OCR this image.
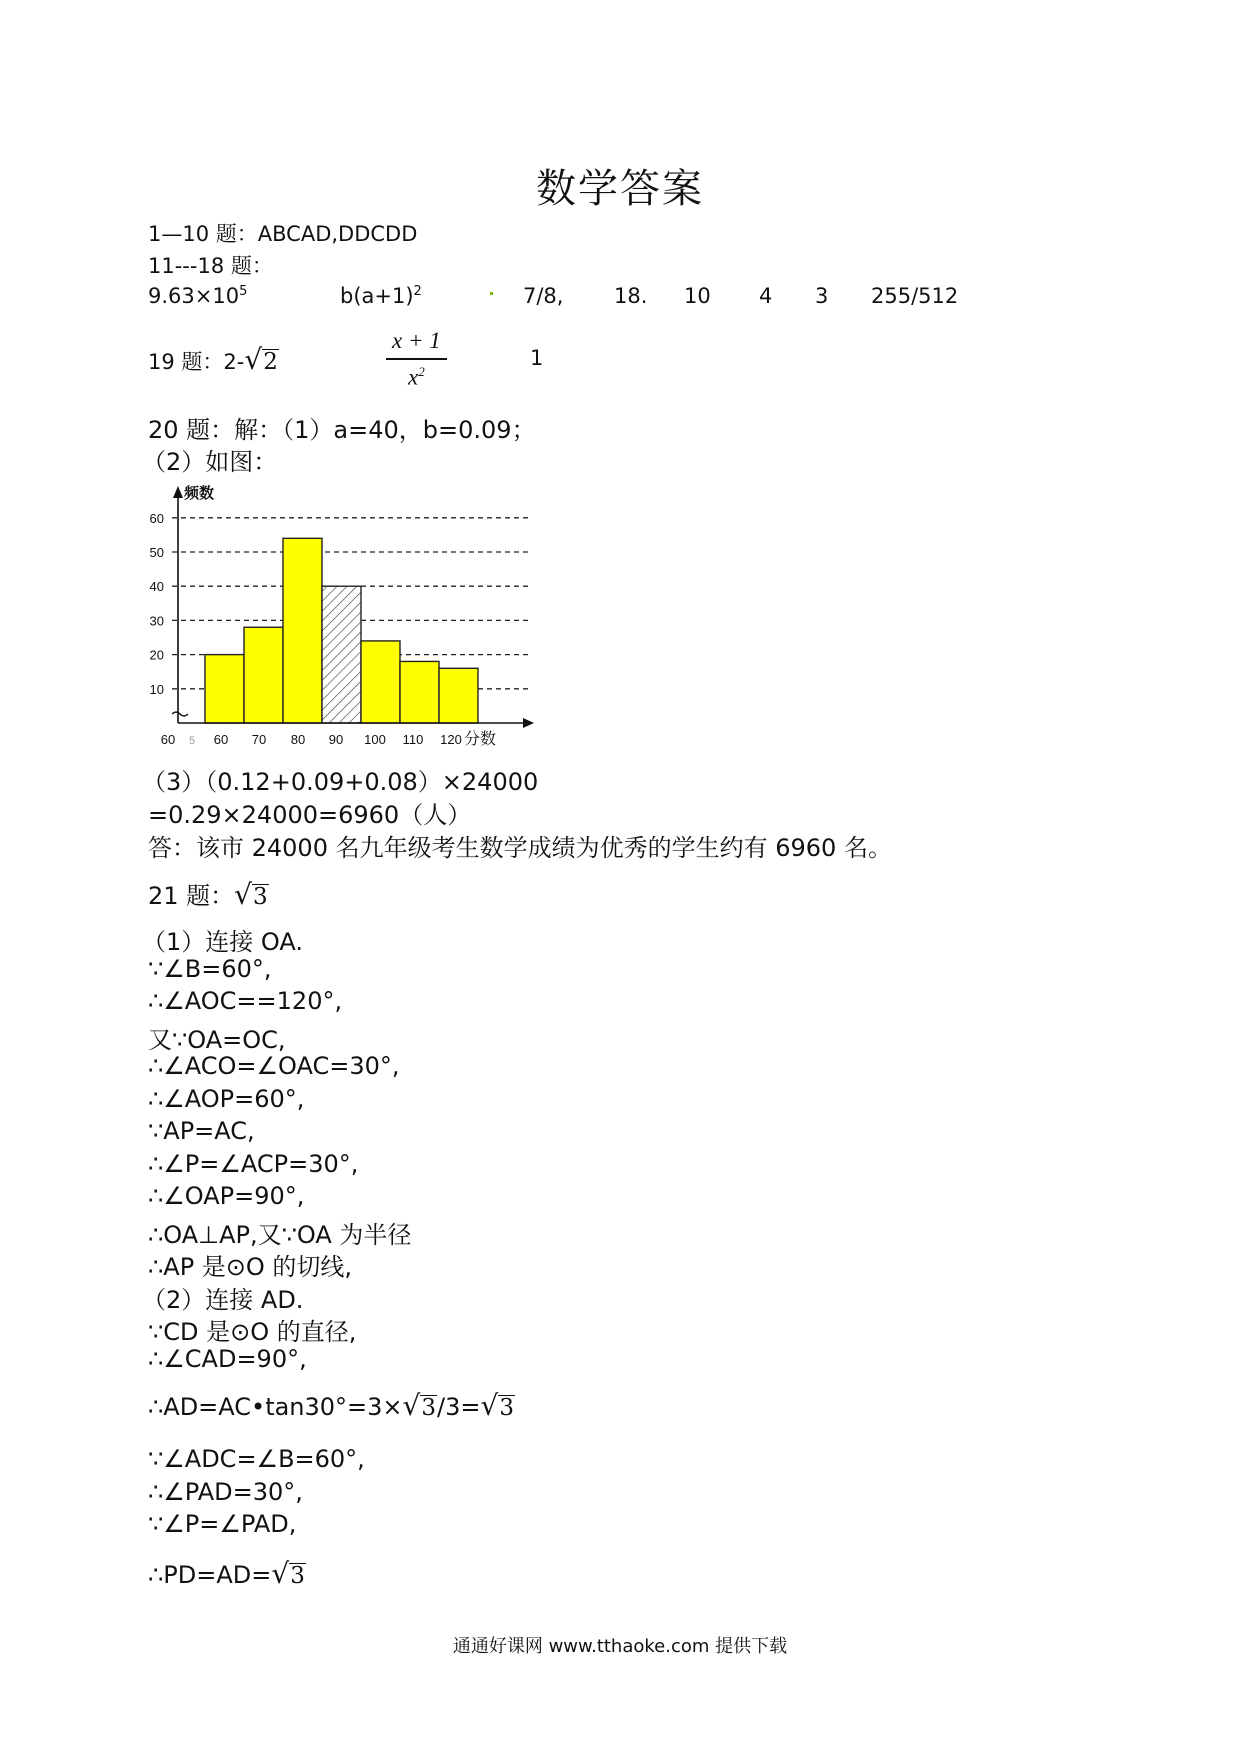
数学答案
1—10 题：ABCAD,DDCDD
11---18 题：
$9.63\times 10^5$	$b(a+1)^2$	7/8, 18. 10 4 3 255/512
19 题：2- √ 2
x + 1
$x^2$
1
20 题：解：（1）a=40，b=0.09；
（2）如图：
10
20
30
40
50
60
频数
60	60 70 80 90 100 110 120
5	分数
（3）（0.12+0.09+0.08）×24000
=0.29×24000=6960（人）
答：该市 24000 名九年级考生数学成绩为优秀的学生约有 6960 名。
21 题： √ 3
（1）连接 OA.
∵∠B=60°,
∴∠AOC==120°,
又∵OA=OC,
∴∠ACO=∠OAC=30°,
∴∠AOP=60°,
∵AP=AC,
∴∠P=∠ACP=30°,
∴∠OAP=90°,
∴OA⊥AP,又∵OA 为半径
∴AP 是⊙O 的切线,
（2）连接 AD.
∵CD 是⊙O 的直径,
∴∠CAD=90°,
∴AD=AC•tan30°=3× √ 3 /3= √ 3
∵∠ADC=∠B=60°,
∴∠PAD=30°,
∵∠P=∠PAD,
∴PD=AD= √ 3
通通好课网 www.tthaoke.com 提供下载
